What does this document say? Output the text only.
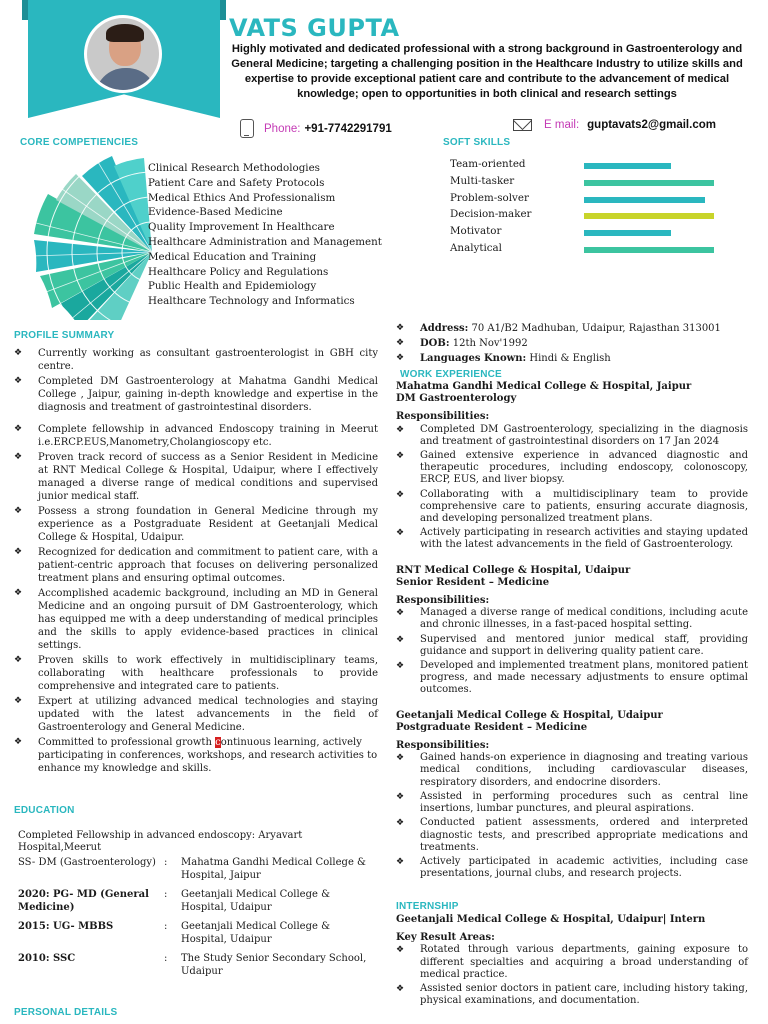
VATS GUPTA
Highly motivated and dedicated professional with a strong background in Gastroenterology and General Medicine; targeting a challenging position in the Healthcare Industry to utilize skills and expertise to provide exceptional patient care and contribute to the advancement of medical knowledge; open to opportunities in both clinical and research settings
Phone: +91-7742291791	E mail: guptavats2@gmail.com
CORE COMPETIENCIES
Clinical Research Methodologies
Patient Care and Safety Protocols
Medical Ethics And Professionalism
Evidence-Based Medicine
Quality Improvement In Healthcare
Healthcare Administration and Management
Medical Education and Training
Healthcare Policy and Regulations
Public Health and Epidemiology
Healthcare Technology and Informatics
SOFT SKILLS
Team-oriented
Multi-tasker
Problem-solver
Decision-maker
Motivator
Analytical
PROFILE SUMMARY
❖ Currently working as consultant gastroenterologist in GBH city centre.
❖ Completed DM Gastroenterology at Mahatma Gandhi Medical College , Jaipur, gaining in-depth knowledge and expertise in the diagnosis and treatment of gastrointestinal disorders.
❖ Complete fellowship in advanced Endoscopy training in Meerut i.e.ERCP.EUS,Manometry,Cholangioscopy etc.
❖ Proven track record of success as a Senior Resident in Medicine at RNT Medical College & Hospital, Udaipur, where I effectively managed a diverse range of medical conditions and supervised junior medical staff.
❖ Possess a strong foundation in General Medicine through my experience as a Postgraduate Resident at Geetanjali Medical College & Hospital, Udaipur.
❖ Recognized for dedication and commitment to patient care, with a patient-centric approach that focuses on delivering personalized treatment plans and ensuring optimal outcomes.
❖ Accomplished academic background, including an MD in General Medicine and an ongoing pursuit of DM Gastroenterology, which has equipped me with a deep understanding of medical principles and the skills to apply evidence-based practices in clinical settings.
❖ Proven skills to work effectively in multidisciplinary teams, collaborating with healthcare professionals to provide comprehensive and integrated care to patients.
❖ Expert at utilizing advanced medical technologies and staying updated with the latest advancements in the field of Gastroenterology and General Medicine.
❖ Committed to professional growth continuous learning, actively participating in conferences, workshops, and research activities to enhance my knowledge and skills.
EDUCATION
Completed Fellowship in advanced endoscopy: Aryavart Hospital,Meerut
SS- DM (Gastroenterology)	:	Mahatma Gandhi Medical College & Hospital, Jaipur
2020: PG- MD (General Medicine)	:	Geetanjali Medical College & Hospital, Udaipur
2015: UG- MBBS	:	Geetanjali Medical College & Hospital, Udaipur
2010: SSC	:	The Study Senior Secondary School, Udaipur
PERSONAL DETAILS
❖ Address: 70 A1/B2 Madhuban, Udaipur, Rajasthan 313001
❖ DOB: 12th Nov'1992
❖ Languages Known: Hindi & English
WORK EXPERIENCE
Mahatma Gandhi Medical College & Hospital, Jaipur
DM Gastroenterology
Responsibilities:
❖ Completed DM Gastroenterology, specializing in the diagnosis and treatment of gastrointestinal disorders on 17 Jan 2024
❖ Gained extensive experience in advanced diagnostic and therapeutic procedures, including endoscopy, colonoscopy, ERCP, EUS, and liver biopsy.
❖ Collaborating with a multidisciplinary team to provide comprehensive care to patients, ensuring accurate diagnosis, and developing personalized treatment plans.
❖ Actively participating in research activities and staying updated with the latest advancements in the field of Gastroenterology.
RNT Medical College & Hospital, Udaipur
Senior Resident – Medicine
Responsibilities:
❖ Managed a diverse range of medical conditions, including acute and chronic illnesses, in a fast-paced hospital setting.
❖ Supervised and mentored junior medical staff, providing guidance and support in delivering quality patient care.
❖ Developed and implemented treatment plans, monitored patient progress, and made necessary adjustments to ensure optimal outcomes.
Geetanjali Medical College & Hospital, Udaipur
Postgraduate Resident – Medicine
Responsibilities:
❖ Gained hands-on experience in diagnosing and treating various medical conditions, including cardiovascular diseases, respiratory disorders, and endocrine disorders.
❖ Assisted in performing procedures such as central line insertions, lumbar punctures, and pleural aspirations.
❖ Conducted patient assessments, ordered and interpreted diagnostic tests, and prescribed appropriate medications and treatments.
❖ Actively participated in academic activities, including case presentations, journal clubs, and research projects.
INTERNSHIP
Geetanjali Medical College & Hospital, Udaipur| Intern
Key Result Areas:
❖ Rotated through various departments, gaining exposure to different specialties and acquiring a broad understanding of medical practice.
❖ Assisted senior doctors in patient care, including history taking, physical examinations, and documentation.
